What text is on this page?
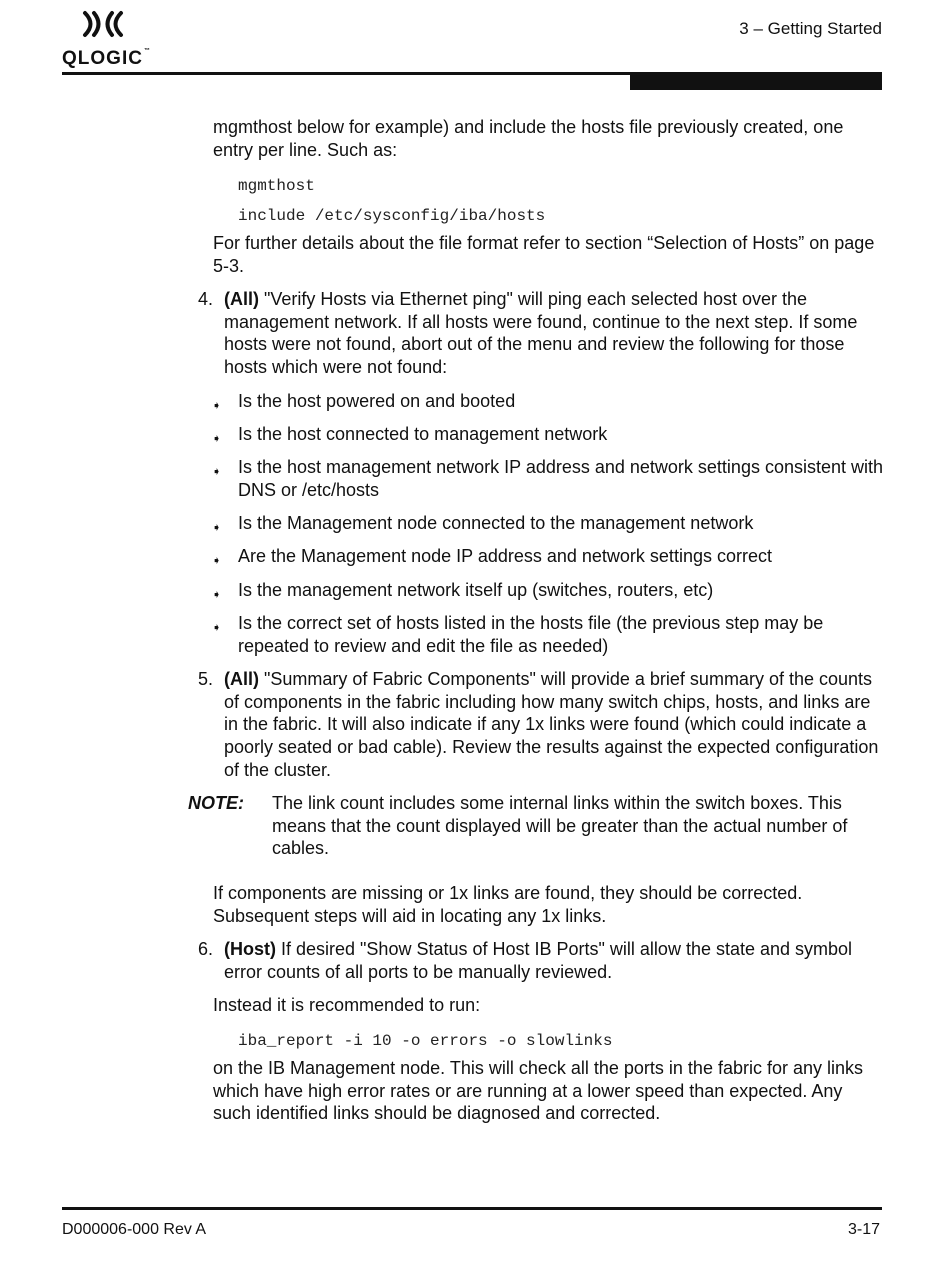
QLOGIC™
3 – Getting Started
mgmthost below for example) and include the hosts file previously created, one entry per line. Such as:
mgmthost
include /etc/sysconfig/iba/hosts
For further details about the file format refer to section “Selection of Hosts” on page 5-3.
4. (All) "Verify Hosts via Ethernet ping" will ping each selected host over the management network. If all hosts were found, continue to the next step. If some hosts were not found, abort out of the menu and review the following for those hosts which were not found:
➧ Is the host powered on and booted
➧ Is the host connected to management network
➧ Is the host management network IP address and network settings consistent with DNS or /etc/hosts
➧ Is the Management node connected to the management network
➧ Are the Management node IP address and network settings correct
➧ Is the management network itself up (switches, routers, etc)
➧ Is the correct set of hosts listed in the hosts file (the previous step may be repeated to review and edit the file as needed)
5. (All) "Summary of Fabric Components" will provide a brief summary of the counts of components in the fabric including how many switch chips, hosts, and links are in the fabric. It will also indicate if any 1x links were found (which could indicate a poorly seated or bad cable). Review the results against the expected configuration of the cluster.
NOTE: The link count includes some internal links within the switch boxes. This means that the count displayed will be greater than the actual number of cables.
If components are missing or 1x links are found, they should be corrected. Subsequent steps will aid in locating any 1x links.
6. (Host) If desired "Show Status of Host IB Ports" will allow the state and symbol error counts of all ports to be manually reviewed.
Instead it is recommended to run:
iba_report -i 10 -o errors -o slowlinks
on the IB Management node. This will check all the ports in the fabric for any links which have high error rates or are running at a lower speed than expected. Any such identified links should be diagnosed and corrected.
D000006-000 Rev A	3-17
